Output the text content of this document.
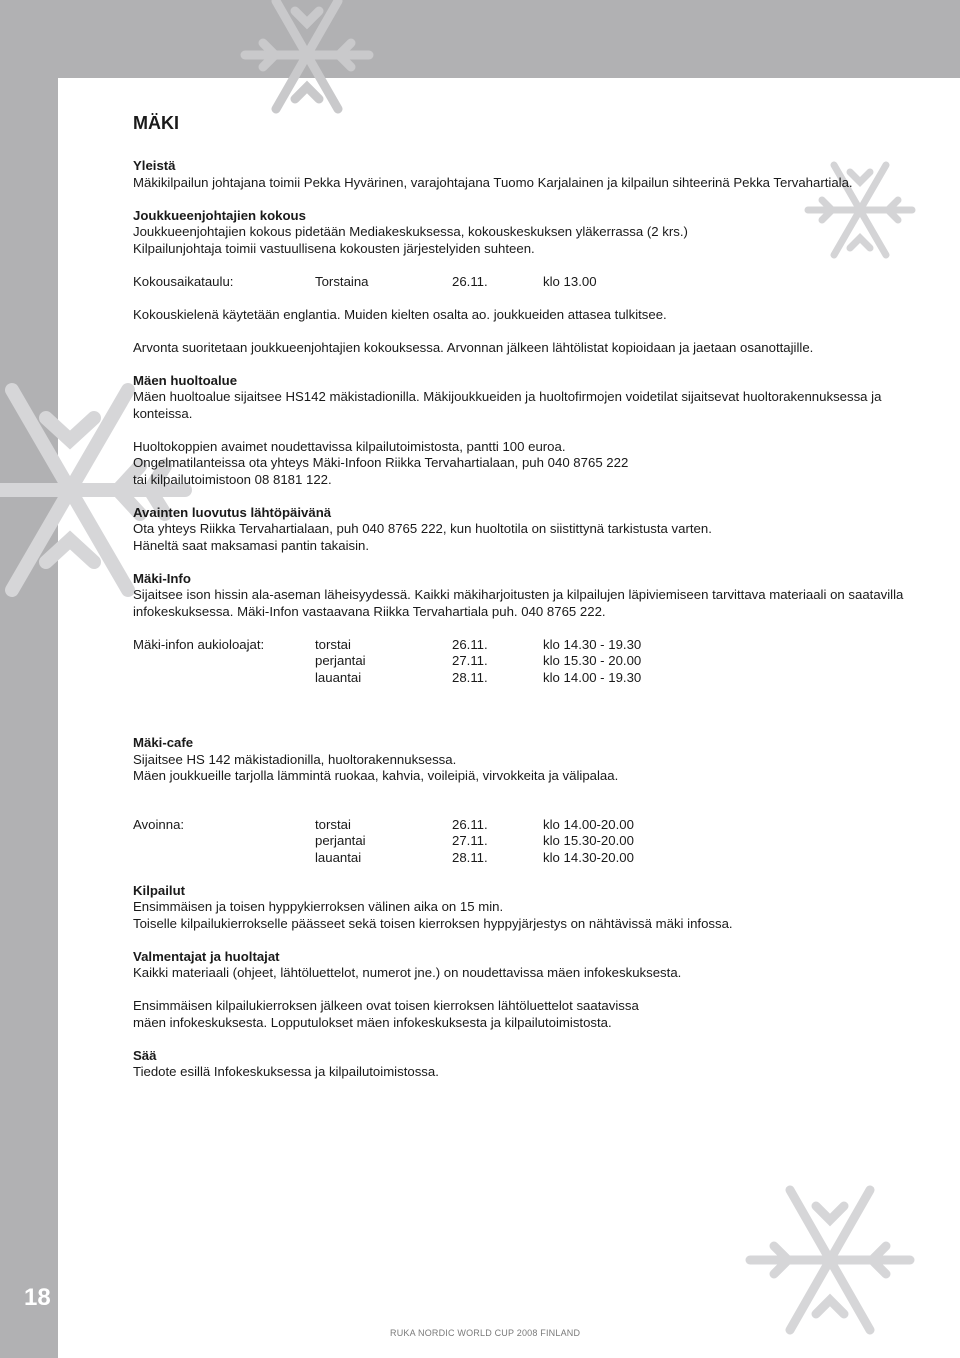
MÄKI
Yleistä
Mäkikilpailun johtajana toimii Pekka Hyvärinen, varajohtajana Tuomo Karjalainen ja kilpailun sihteerinä Pekka Tervahartiala.
Joukkueenjohtajien kokous
Joukkueenjohtajien kokous pidetään Mediakeskuksessa, kokouskeskuksen yläkerrassa (2 krs.)
Kilpailunjohtaja toimii vastuullisena kokousten järjestelyiden suhteen.
Kokousaikataulu:	Torstaina	26.11.	klo 13.00
Kokouskielenä käytetään englantia. Muiden kielten osalta ao. joukkueiden attasea tulkitsee.
Arvonta suoritetaan joukkueenjohtajien kokouksessa. Arvonnan jälkeen lähtölistat kopioidaan ja jaetaan osanottajille.
Mäen huoltoalue
Mäen huoltoalue sijaitsee HS142 mäkistadionilla. Mäkijoukkueiden ja huoltofirmojen voidetilat sijaitsevat huoltorakennuksessa ja konteissa.
Huoltokoppien avaimet noudettavissa kilpailutoimistosta, pantti 100 euroa.
Ongelmatilanteissa ota yhteys Mäki-Infoon Riikka Tervahartialaan, puh 040 8765 222
tai kilpailutoimistoon 08 8181 122.
Avainten luovutus lähtöpäivänä
Ota yhteys Riikka Tervahartialaan, puh 040 8765 222, kun huoltotila on siistittynä tarkistusta varten.
Häneltä saat maksamasi pantin takaisin.
Mäki-Info
Sijaitsee ison hissin ala-aseman läheisyydessä. Kaikki mäkiharjoitusten ja kilpailujen läpiviemiseen tarvittava materiaali on saatavilla infokeskuksessa. Mäki-Infon vastaavana Riikka Tervahartiala puh. 040 8765 222.
Mäki-infon aukioloajat:	torstai	26.11.	klo 14.30 - 19.30
perjantai	27.11.	klo 15.30 - 20.00
lauantai	28.11.	klo 14.00 - 19.30
Mäki-cafe
Sijaitsee HS 142 mäkistadionilla, huoltorakennuksessa.
Mäen joukkueille tarjolla lämmintä ruokaa, kahvia, voileipiä, virvokkeita ja välipalaa.
Avoinna:	torstai	26.11.	klo 14.00-20.00
perjantai	27.11.	klo 15.30-20.00
lauantai	28.11.	klo 14.30-20.00
Kilpailut
Ensimmäisen ja toisen hyppykierroksen välinen aika on 15 min.
Toiselle kilpailukierrokselle päässeet sekä toisen kierroksen hyppyjärjestys on nähtävissä mäki infossa.
Valmentajat ja huoltajat
Kaikki materiaali (ohjeet, lähtöluettelot, numerot jne.) on noudettavissa mäen infokeskuksesta.
Ensimmäisen kilpailukierroksen jälkeen ovat toisen kierroksen lähtöluettelot saatavissa
mäen infokeskuksesta. Lopputulokset mäen infokeskuksesta ja kilpailutoimistosta.
Sää
Tiedote esillä Infokeskuksessa ja kilpailutoimistossa.
18
RUKA NORDIC WORLD CUP 2008 FINLAND
